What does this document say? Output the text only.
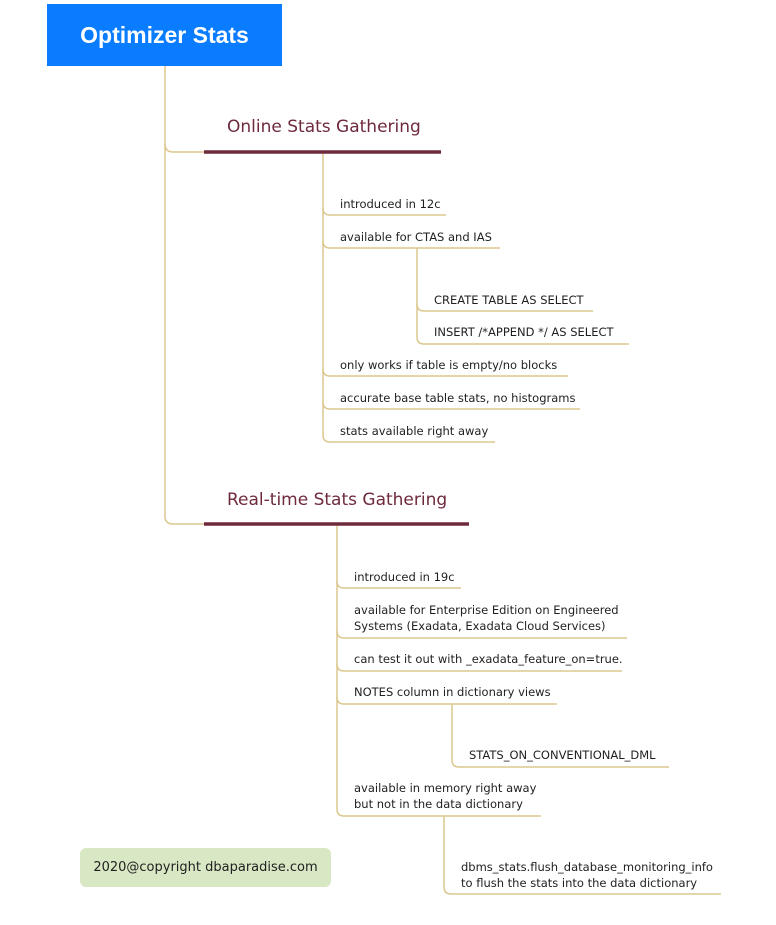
Optimizer Stats
Online Stats Gathering
introduced in 12c
available for CTAS and IAS
CREATE TABLE AS SELECT
INSERT /*APPEND */ AS SELECT
only works if table is empty/no blocks
accurate base table stats, no histograms
stats available right away
Real-time Stats Gathering
introduced in 19c
available for Enterprise Edition on Engineered
Systems (Exadata, Exadata Cloud Services)
can test it out with _exadata_feature_on=true.
NOTES column in dictionary views
STATS_ON_CONVENTIONAL_DML
available in memory right away
but not in the data dictionary
dbms_stats.flush_database_monitoring_info
to flush the stats into the data dictionary
2020@copyright dbaparadise.com
